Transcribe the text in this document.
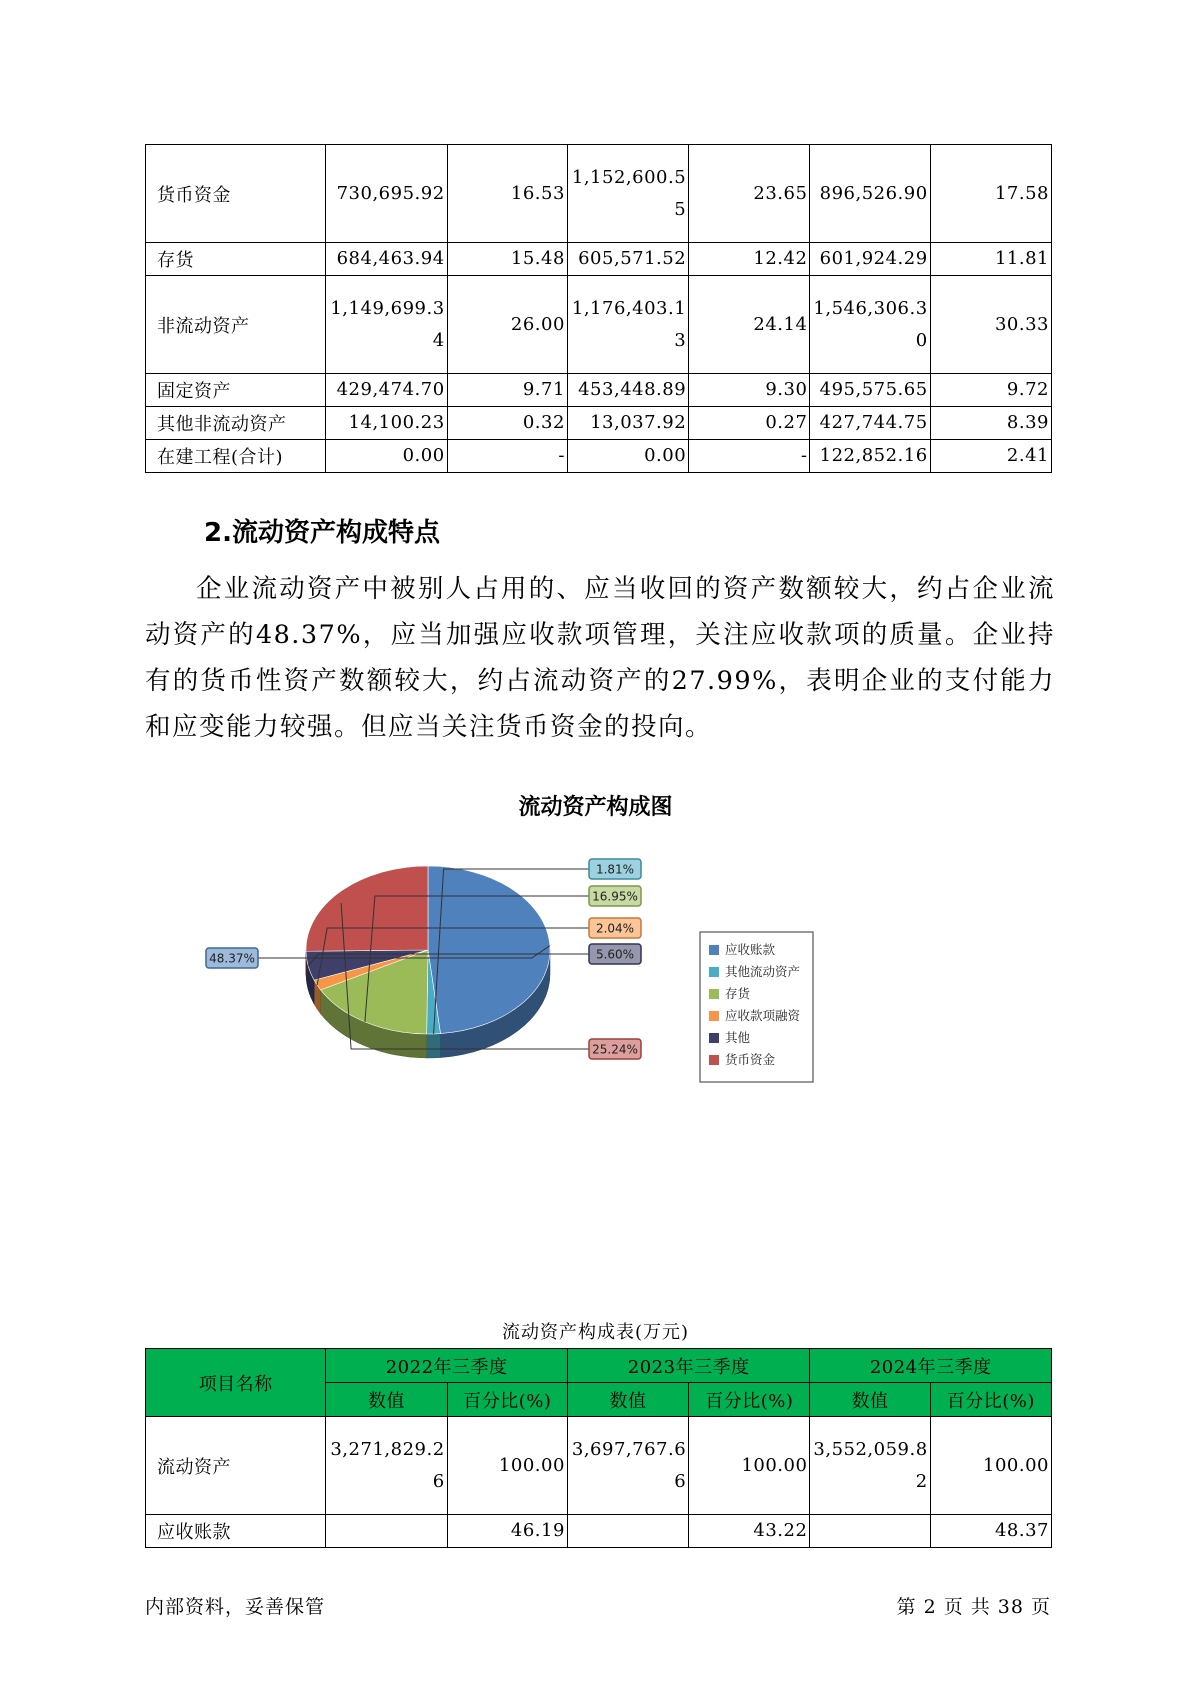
货币资金	730,695.92	16.53	1,152,600.55	23.65	896,526.90	17.58
存货	684,463.94	15.48	605,571.52	12.42	601,924.29	11.81
非流动资产	1,149,699.34	26.00	1,176,403.13	24.14	1,546,306.30	30.33
固定资产	429,474.70	9.71	453,448.89	9.30	495,575.65	9.72
其他非流动资产	14,100.23	0.32	13,037.92	0.27	427,744.75	8.39
在建工程(合计)	0.00	-	0.00	-	122,852.16	2.41
2.流动资产构成特点

企业流动资产中被别人占用的、应当收回的资产数额较大，约占企业流动资产的48.37%，应当加强应收款项管理，关注应收款项的质量。企业持有的货币性资产数额较大，约占流动资产的27.99%，表明企业的支付能力和应变能力较强。但应当关注货币资金的投向。

流动资产构成图
48.37%
1.81%
16.95%
2.04%
5.60%
25.24%
应收账款
其他流动资产
存货
应收款项融资
其他
货币资金
流动资产构成表(万元)
项目名称	2022年三季度		2023年三季度		2024年三季度	
	数值	百分比(%)	数值	百分比(%)	数值	百分比(%)
流动资产	3,271,829.26	100.00	3,697,767.66	100.00	3,552,059.82	100.00
应收账款		46.19		43.22		48.37
内部资料，妥善保管	第 2 页 共 38 页
